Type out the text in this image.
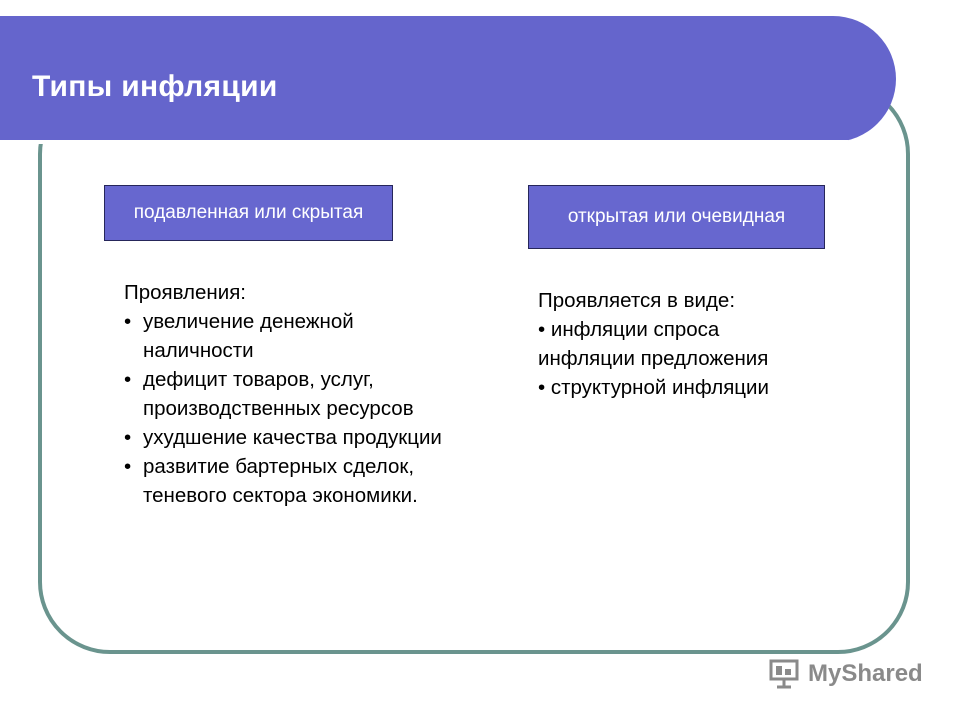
Типы инфляции
подавленная или скрытая	открытая или очевидная
Проявления:
• увеличение денежной наличности
• дефицит товаров, услуг, производственных ресурсов
• ухудшение качества продукции
• развитие бартерных сделок, теневого сектора экономики.
Проявляется в виде:
• инфляции спроса
инфляции предложения
• структурной инфляции
MyShared
